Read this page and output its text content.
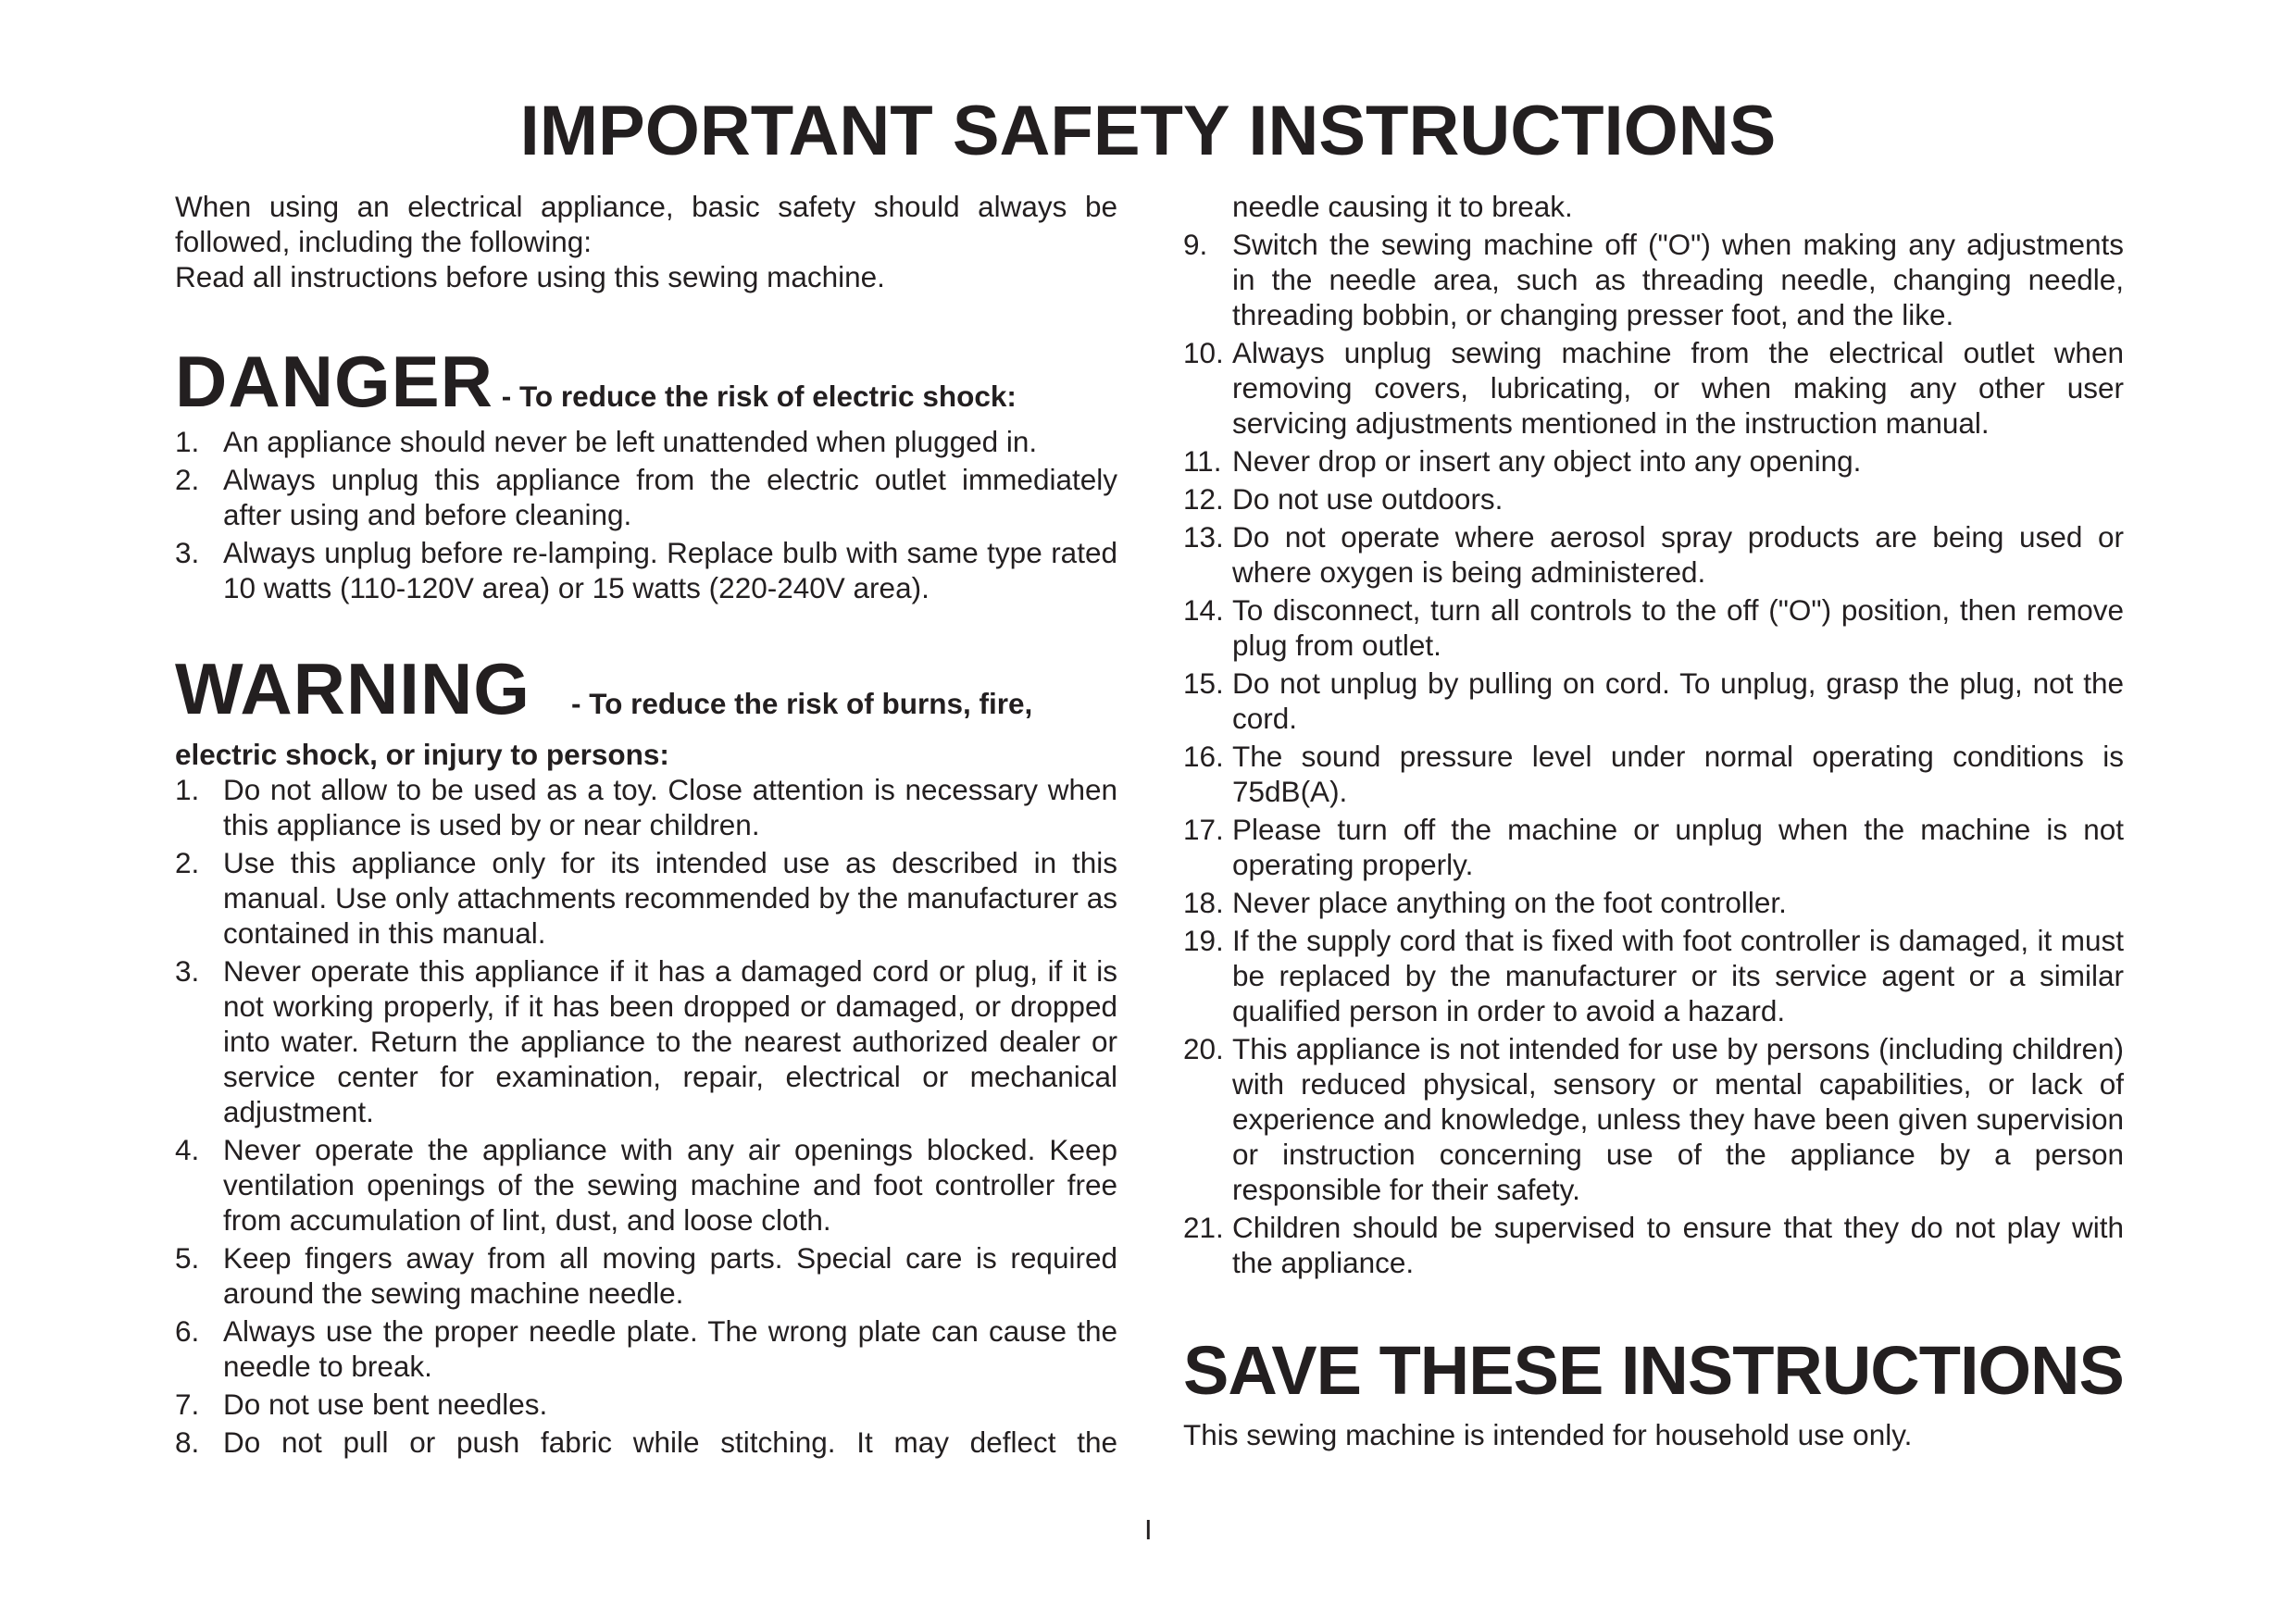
IMPORTANT SAFETY INSTRUCTIONS

When using an electrical appliance, basic safety should always be followed, including the following:

Read all instructions before using this sewing machine.

DANGER - To reduce the risk of electric shock:
1. An appliance should never be left unattended when plugged in.
2. Always unplug this appliance from the electric outlet immediately after using and before cleaning.
3. Always unplug before re-lamping. Replace bulb with same type rated 10 watts (110-120V area) or 15 watts (220-240V area).
WARNING - To reduce the risk of burns, fire,
electric shock, or injury to persons:
1. Do not allow to be used as a toy. Close attention is necessary when this appliance is used by or near children.
2. Use this appliance only for its intended use as described in this manual. Use only attachments recommended by the manufacturer as contained in this manual.
3. Never operate this appliance if it has a damaged cord or plug, if it is not working properly, if it has been dropped or damaged, or dropped into water. Return the appliance to the nearest authorized dealer or service center for examination, repair, electrical or mechanical adjustment.
4. Never operate the appliance with any air openings blocked. Keep ventilation openings of the sewing machine and foot controller free from accumulation of lint, dust, and loose cloth.
5. Keep fingers away from all moving parts. Special care is required around the sewing machine needle.
6. Always use the proper needle plate. The wrong plate can cause the needle to break.
7. Do not use bent needles.
8. Do not pull or push fabric while stitching. It may deflect the
needle causing it to break.
9. Switch the sewing machine off ("O") when making any adjustments in the needle area, such as threading needle, changing needle, threading bobbin, or changing presser foot, and the like.
10. Always unplug sewing machine from the electrical outlet when removing covers, lubricating, or when making any other user servicing adjustments mentioned in the instruction manual.
11. Never drop or insert any object into any opening.
12. Do not use outdoors.
13. Do not operate where aerosol spray products are being used or where oxygen is being administered.
14. To disconnect, turn all controls to the off ("O") position, then remove plug from outlet.
15. Do not unplug by pulling on cord. To unplug, grasp the plug, not the cord.
16. The sound pressure level under normal operating conditions is 75dB(A).
17. Please turn off the machine or unplug when the machine is not operating properly.
18. Never place anything on the foot controller.
19. If the supply cord that is fixed with foot controller is damaged, it must be replaced by the manufacturer or its service agent or a similar qualified person in order to avoid a hazard.
20. This appliance is not intended for use by persons (including children) with reduced physical, sensory or mental capabilities, or lack of experience and knowledge, unless they have been given supervision or instruction concerning use of the appliance by a person responsible for their safety.
21. Children should be supervised to ensure that they do not play with the appliance.
SAVE THESE INSTRUCTIONS
This sewing machine is intended for household use only.
I
